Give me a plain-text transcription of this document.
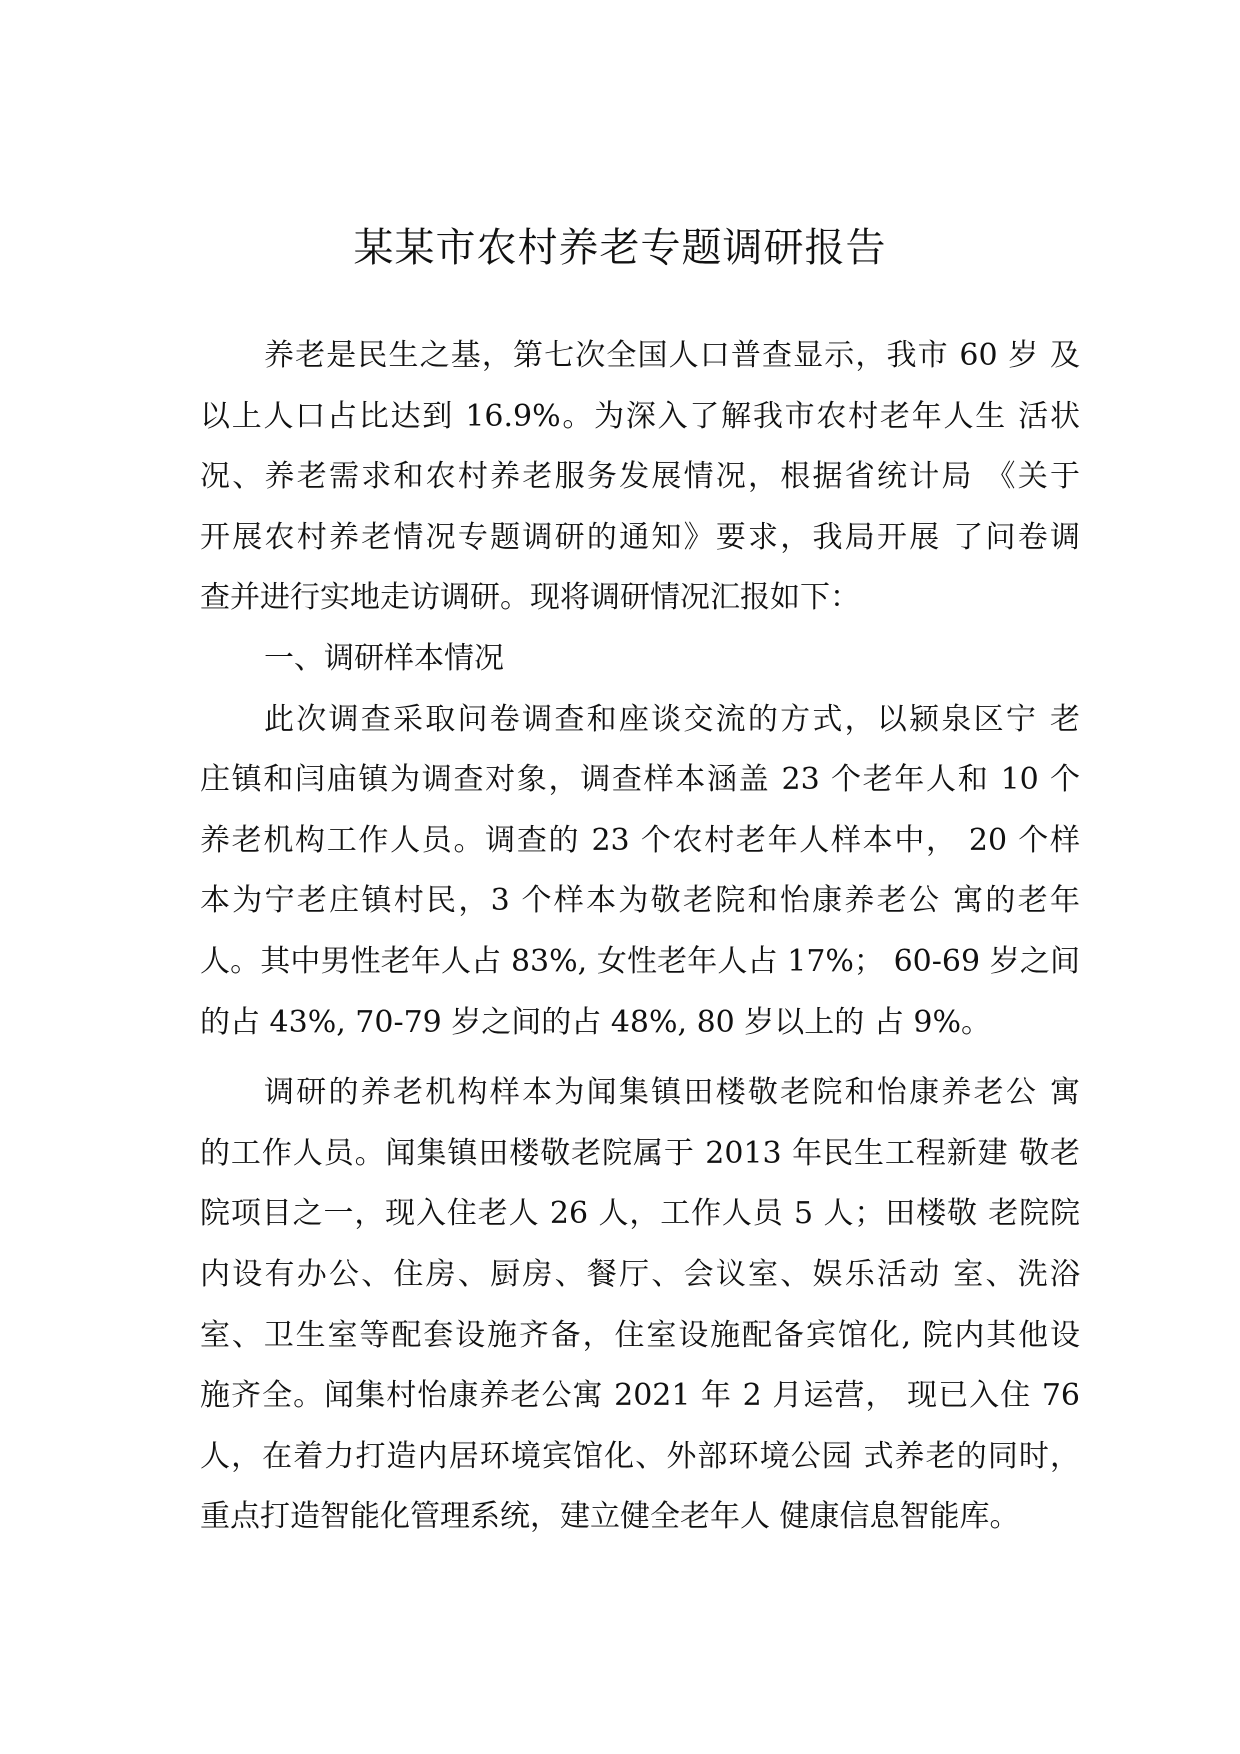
某某市农村养老专题调研报告
养老是民生之基，第七次全国人口普查显示，我市 60 岁 及
以上人口占比达到 16.9%。为深入了解我市农村老年人生 活状
况、养老需求和农村养老服务发展情况，根据省统计局 《关于
开展农村养老情况专题调研的通知》要求，我局开展 了问卷调
查并进行实地走访调研。现将调研情况汇报如下：
一、调研样本情况
此次调查采取问卷调查和座谈交流的方式，以颍泉区宁 老
庄镇和闫庙镇为调查对象，调查样本涵盖 23 个老年人和 10 个
养老机构工作人员。调查的 23 个农村老年人样本中， 20 个样
本为宁老庄镇村民，3 个样本为敬老院和怡康养老公 寓的老年
人。其中男性老年人占 83%, 女性老年人占 17%； 60-69 岁之间
的占 43%, 70-79 岁之间的占 48%, 80 岁以上的 占 9%。
调研的养老机构样本为闻集镇田楼敬老院和怡康养老公 寓
的工作人员。闻集镇田楼敬老院属于 2013 年民生工程新建 敬老
院项目之一，现入住老人 26 人，工作人员 5 人；田楼敬 老院院
内设有办公、住房、厨房、餐厅、会议室、娱乐活动 室、洗浴
室、卫生室等配套设施齐备，住室设施配备宾馆化, 院内其他设
施齐全。闻集村怡康养老公寓 2021 年 2 月运营， 现已入住 76
人，在着力打造内居环境宾馆化、外部环境公园 式养老的同时，
重点打造智能化管理系统，建立健全老年人 健康信息智能库。
